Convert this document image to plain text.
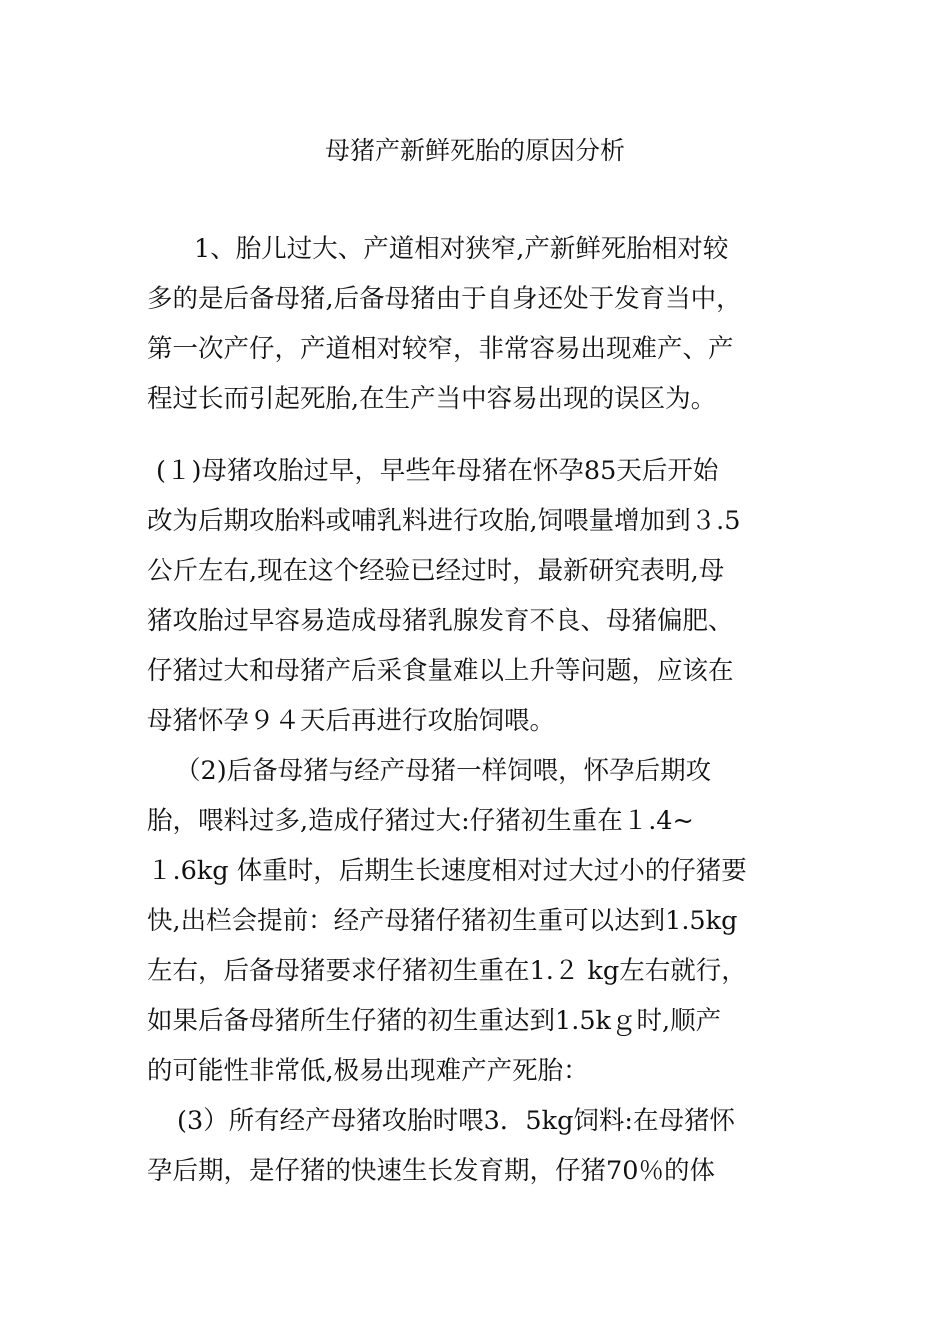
母猪产新鲜死胎的原因分析
1、胎儿过大、产道相对狭窄,产新鲜死胎相对较
多的是后备母猪,后备母猪由于自身还处于发育当中，
第一次产仔，产道相对较窄，非常容易出现难产、产
程过长而引起死胎,在生产当中容易出现的误区为。
(１)母猪攻胎过早，早些年母猪在怀孕85天后开始
改为后期攻胎料或哺乳料进行攻胎,饲喂量增加到３.5
公斤左右,现在这个经验已经过时，最新研究表明,母
猪攻胎过早容易造成母猪乳腺发育不良、母猪偏肥、
仔猪过大和母猪产后采食量难以上升等问题，应该在
母猪怀孕９４天后再进行攻胎饲喂。
（2)后备母猪与经产母猪一样饲喂，怀孕后期攻
胎，喂料过多,造成仔猪过大:仔猪初生重在１.4~
１.6kg 体重时，后期生长速度相对过大过小的仔猪要
快,出栏会提前：经产母猪仔猪初生重可以达到1.5kg
左右，后备母猪要求仔猪初生重在1.２ kg左右就行，
如果后备母猪所生仔猪的初生重达到1.5kｇ时,顺产
的可能性非常低,极易出现难产产死胎：
(3）所有经产母猪攻胎时喂3．5kg饲料:在母猪怀
孕后期，是仔猪的快速生长发育期，仔猪70％的体
